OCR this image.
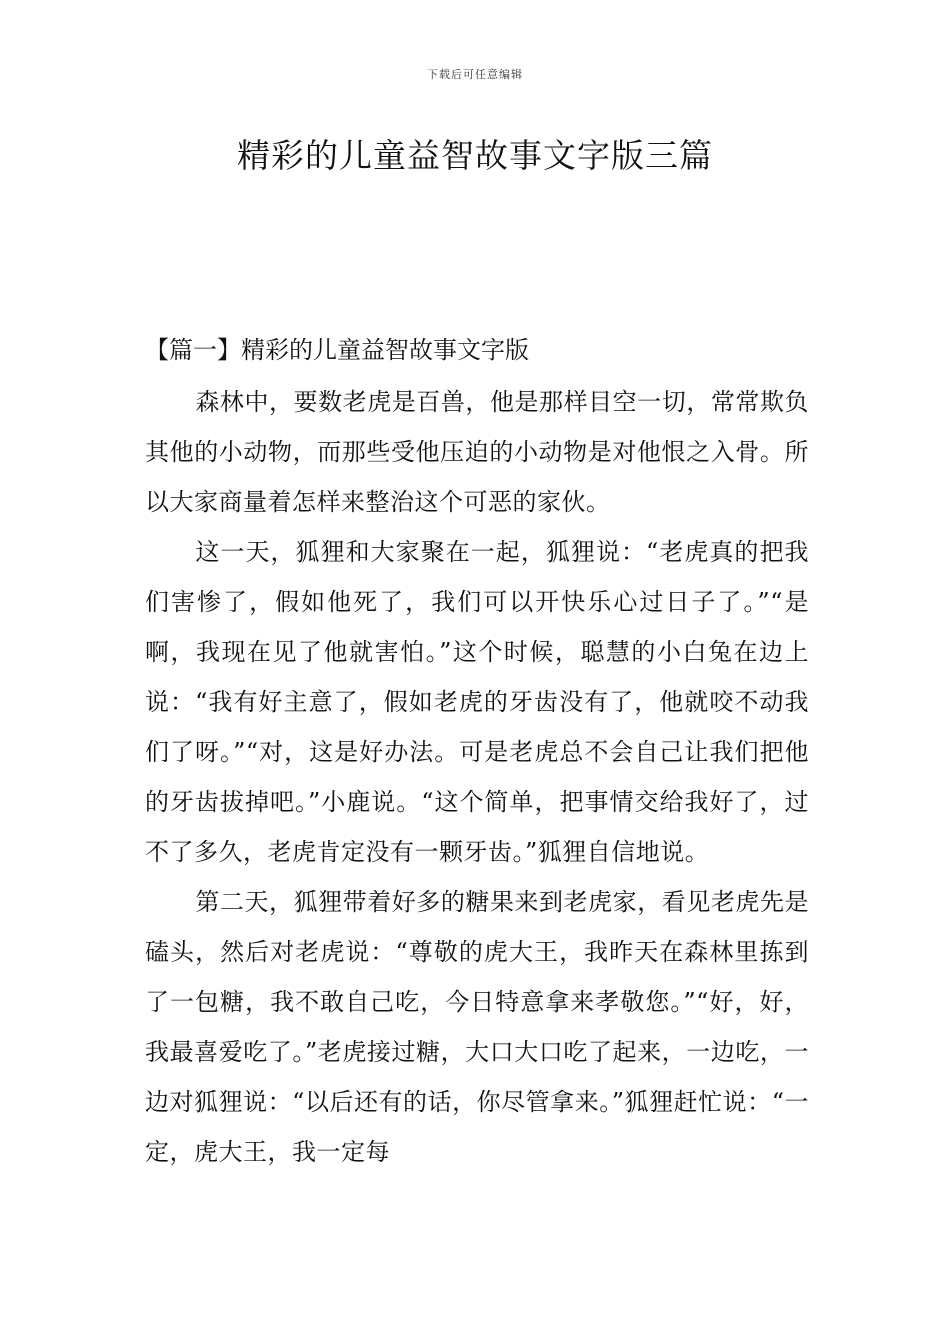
下载后可任意编辑
精彩的儿童益智故事文字版三篇
【篇一】精彩的儿童益智故事文字版

森林中，要数老虎是百兽，他是那样目空一切，常常欺负其他的小动物，而那些受他压迫的小动物是对他恨之入骨。所以大家商量着怎样来整治这个可恶的家伙。

这一天，狐狸和大家聚在一起，狐狸说：“老虎真的把我们害惨了，假如他死了，我们可以开快乐心过日子了。”“是啊，我现在见了他就害怕。”这个时候，聪慧的小白兔在边上说：“我有好主意了，假如老虎的牙齿没有了，他就咬不动我们了呀。”“对，这是好办法。可是老虎总不会自己让我们把他的牙齿拔掉吧。”小鹿说。“这个简单，把事情交给我好了，过不了多久，老虎肯定没有一颗牙齿。”狐狸自信地说。

第二天，狐狸带着好多的糖果来到老虎家，看见老虎先是磕头，然后对老虎说：“尊敬的虎大王，我昨天在森林里拣到了一包糖，我不敢自己吃，今日特意拿来孝敬您。”“好，好，我最喜爱吃了。”老虎接过糖，大口大口吃了起来，一边吃，一边对狐狸说：“以后还有的话，你尽管拿来。”狐狸赶忙说：“一定，虎大王，我一定每
